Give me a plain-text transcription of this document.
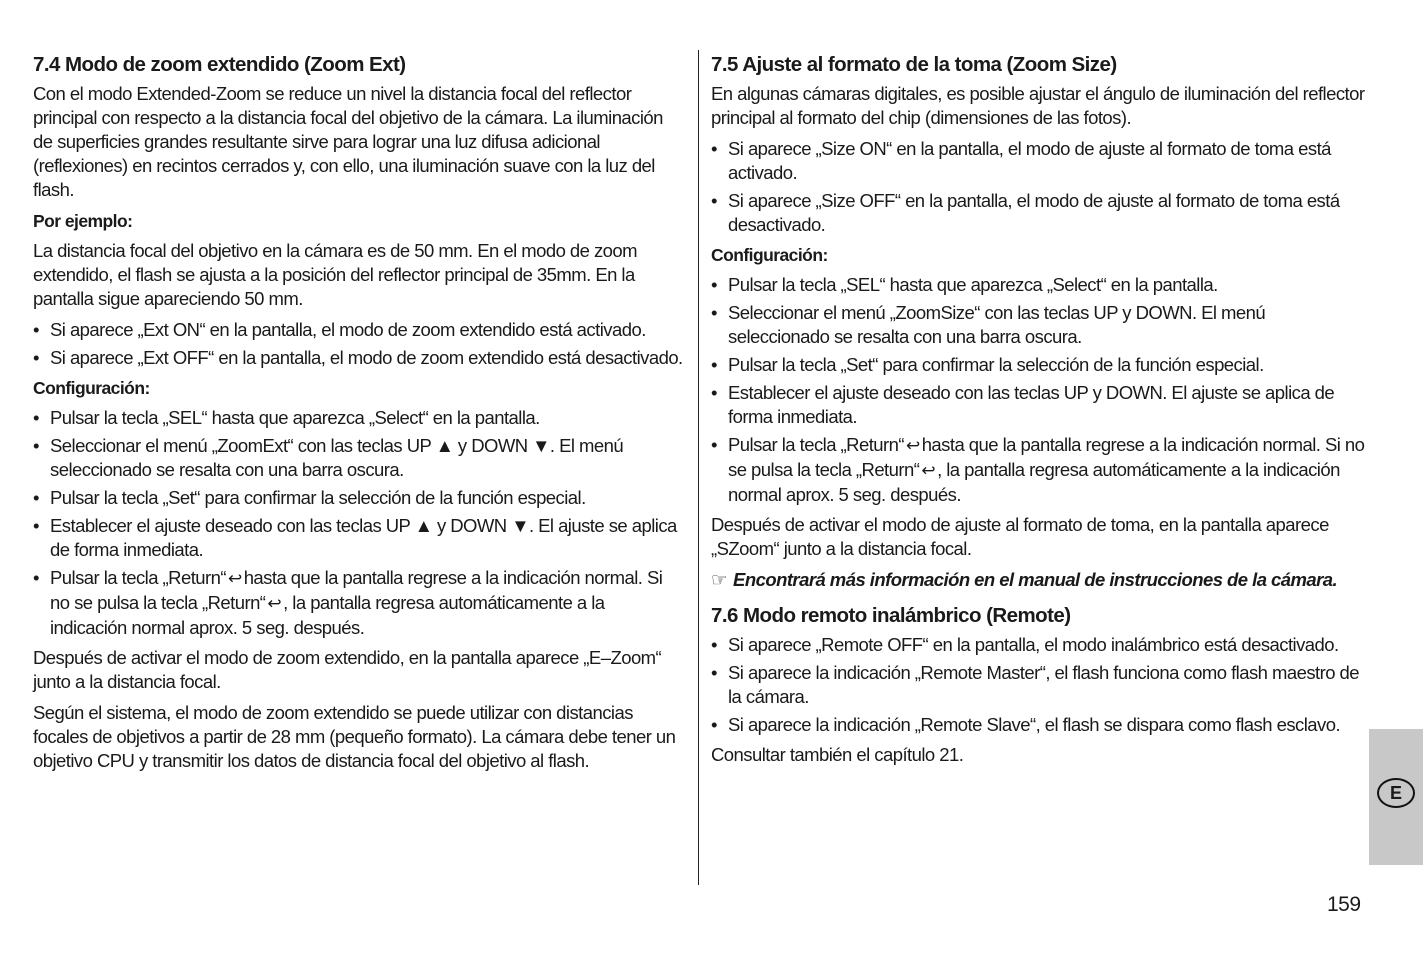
7.4 Modo de zoom extendido (Zoom Ext)

Con el modo Extended-Zoom se reduce un nivel la distancia focal del reflector principal con respecto a la distancia focal del objetivo de la cámara. La iluminación de superficies grandes resultante sirve para lograr una luz difusa adicional (reflexiones) en recintos cerrados y, con ello, una iluminación suave con la luz del flash.

Por ejemplo:

La distancia focal del objetivo en la cámara es de 50 mm. En el modo de zoom extendido, el flash se ajusta a la posición del reflector principal de 35mm. En la pantalla sigue apareciendo 50 mm.

• Si aparece „Ext ON“ en la pantalla, el modo de zoom extendido está activado.
• Si aparece „Ext OFF“ en la pantalla, el modo de zoom extendido está desactivado.

Configuración:

• Pulsar la tecla „SEL“ hasta que aparezca „Select“ en la pantalla.
• Seleccionar el menú „ZoomExt“ con las teclas UP ▲ y DOWN ▼. El menú seleccionado se resalta con una barra oscura.
• Pulsar la tecla „Set“ para confirmar la selección de la función especial.
• Establecer el ajuste deseado con las teclas UP ▲ y DOWN ▼. El ajuste se aplica de forma inmediata.
• Pulsar la tecla „Return“ ↩ hasta que la pantalla regrese a la indicación normal. Si no se pulsa la tecla „Return“ ↩ , la pantalla regresa automáticamente a la indicación normal aprox. 5 seg. después.

Después de activar el modo de zoom extendido, en la pantalla aparece „E–Zoom“ junto a la distancia focal.

Según el sistema, el modo de zoom extendido se puede utilizar con distancias focales de objetivos a partir de 28 mm (pequeño formato). La cámara debe tener un objetivo CPU y transmitir los datos de distancia focal del objetivo al flash.

7.5 Ajuste al formato de la toma (Zoom Size)

En algunas cámaras digitales, es posible ajustar el ángulo de iluminación del reflector principal al formato del chip (dimensiones de las fotos).

• Si aparece „Size ON“ en la pantalla, el modo de ajuste al formato de toma está activado.
• Si aparece „Size OFF“ en la pantalla, el modo de ajuste al formato de toma está desactivado.

Configuración:

• Pulsar la tecla „SEL“ hasta que aparezca „Select“ en la pantalla.
• Seleccionar el menú „ZoomSize“ con las teclas UP y DOWN. El menú seleccionado se resalta con una barra oscura.
• Pulsar la tecla „Set“ para confirmar la selección de la función especial.
• Establecer el ajuste deseado con las teclas UP y DOWN. El ajuste se aplica de forma inmediata.
• Pulsar la tecla „Return“ ↩ hasta que la pantalla regrese a la indicación normal. Si no se pulsa la tecla „Return“ ↩ , la pantalla regresa automáticamente a la indicación normal aprox. 5 seg. después.

Después de activar el modo de ajuste al formato de toma, en la pantalla aparece „SZoom“ junto a la distancia focal.

☞ Encontrará más información en el manual de instrucciones de la cámara.

7.6 Modo remoto inalámbrico (Remote)
• Si aparece „Remote OFF“ en la pantalla, el modo inalámbrico está desactivado.
• Si aparece la indicación „Remote Master“, el flash funciona como flash maestro de la cámara.
• Si aparece la indicación „Remote Slave“, el flash se dispara como flash esclavo.

Consultar también el capítulo 21.

E
159
